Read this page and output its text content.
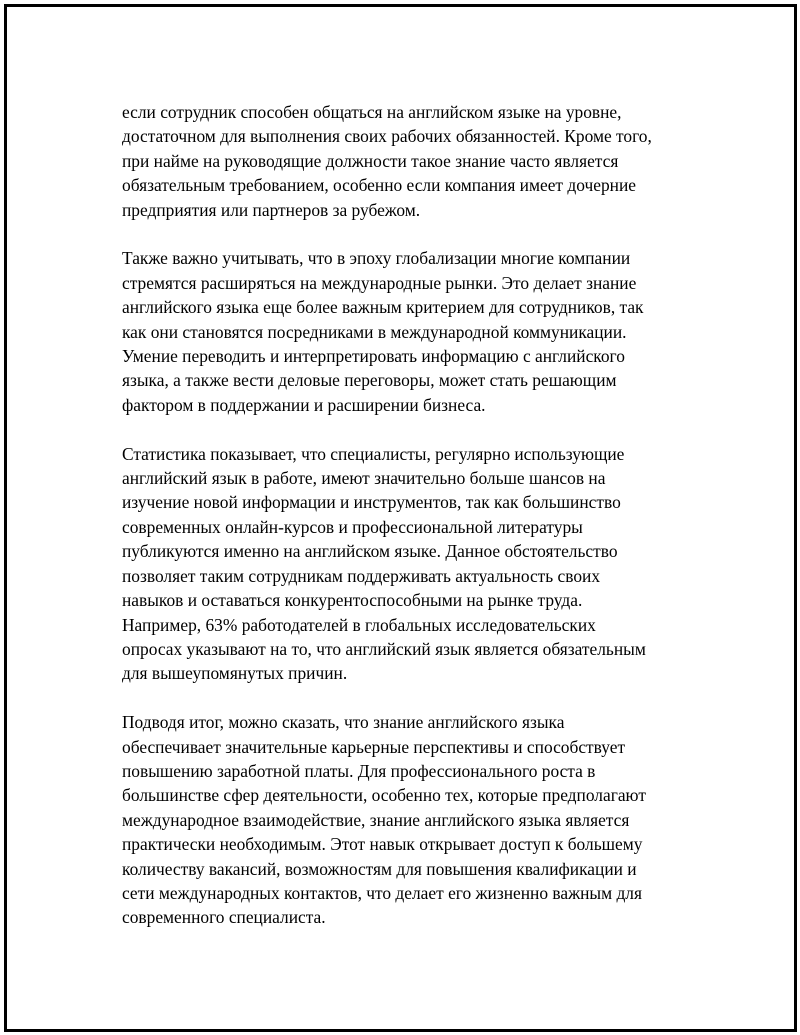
если сотрудник способен общаться на английском языке на уровне,
достаточном для выполнения своих рабочих обязанностей. Кроме того,
при найме на руководящие должности такое знание часто является
обязательным требованием, особенно если компания имеет дочерние
предприятия или партнеров за рубежом.

Также важно учитывать, что в эпоху глобализации многие компании
стремятся расширяться на международные рынки. Это делает знание
английского языка еще более важным критерием для сотрудников, так
как они становятся посредниками в международной коммуникации.
Умение переводить и интерпретировать информацию с английского
языка, а также вести деловые переговоры, может стать решающим
фактором в поддержании и расширении бизнеса.

Статистика показывает, что специалисты, регулярно использующие
английский язык в работе, имеют значительно больше шансов на
изучение новой информации и инструментов, так как большинство
современных онлайн-курсов и профессиональной литературы
публикуются именно на английском языке. Данное обстоятельство
позволяет таким сотрудникам поддерживать актуальность своих
навыков и оставаться конкурентоспособными на рынке труда.
Например, 63% работодателей в глобальных исследовательских
опросах указывают на то, что английский язык является обязательным
для вышеупомянутых причин.

Подводя итог, можно сказать, что знание английского языка
обеспечивает значительные карьерные перспективы и способствует
повышению заработной платы. Для профессионального роста в
большинстве сфер деятельности, особенно тех, которые предполагают
международное взаимодействие, знание английского языка является
практически необходимым. Этот навык открывает доступ к большему
количеству вакансий, возможностям для повышения квалификации и
сети международных контактов, что делает его жизненно важным для
современного специалиста.
